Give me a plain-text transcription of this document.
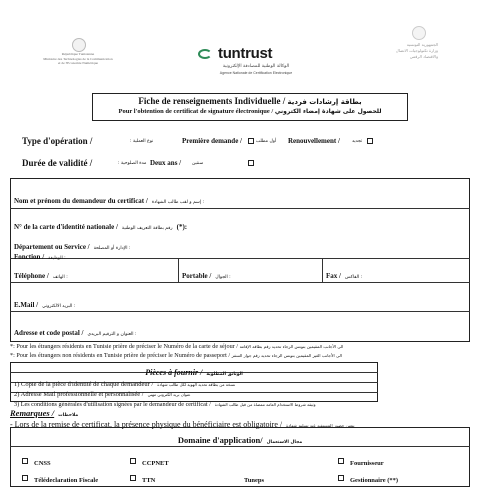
République Tunisienne
Ministère des Technologies de la Communication
et de l'Economie Numérique
tuntrust
الوكالة الوطنية للمصادقة الإلكترونية
Agence Nationale de Certification Electronique
الجمهورية التونسية
وزارة تكنولوجيات الاتصال
والاقتصاد الرقمي
Fiche de renseignements Individuelle / بطاقة إرشادات فردية
Pour l'obtention de certificat de signature électronique / للحصول على شهادة إمضاء الكتروني
Type d'opération /	نوع العملية :	Première demande /	أول مطلب Renouvellement /	تجديد
Durée de validité /	مدة الصلوحية : Deux ans / سنتين
Nom et prénom du demandeur du certificat / إسم و لقب طالب الشهادة :
N° de la carte d'identité nationale / رقم بطاقة التعريف الوطنية (*):
Département ou Service / الإدارة أو المصلحة :
Fonction / الوظيفة :
Téléphone / الهاتف :	Portable / الجوال :	Fax / الفاكس :
E.Mail / البريد الالكتروني :
Adresse et code postal / العنوان و الترقيم البريدي :
*: Pour les étrangers résidents en Tunisie prière de préciser le Numéro de la carte de séjour / الى الأجانب المقيمين بتونس الرجاء تحديد رقم بطاقة الإقامة
*: Pour les étrangers non résidents en Tunisie prière de préciser le Numéro de passeport / الى الأجانب الغير المقيمين بتونس الرجاء تحديد رقم جواز السفر
Pièces à fournir / الوثائق المطلوبة
1) Copie de la pièce d'identité de chaque demandeur / نسخة من بطاقة تحديد الهوية لكل طالب شهادة
2) Adresse Mail professionnelle et personnalisée / عنوان بريد الكتروني مهني
3) Les conditions générales d'utilisation signées par le demandeur de certificat / وثيقة شروط الاستخدام العامة ممضاة من قبل طالب الشهادة
Remarques / ملاحظات
- Lors de la remise de certificat, la présence physique du bénéficiaire est obligatoire / يتعين حضور المستفيد عند تسليم شهادة
Domaine d'application/ مجال الاستعمال
CNSS	CCPNET	Fournisseur
Télédeclaration Fiscale	TTN	Tuneps	Gestionnaire (**)
